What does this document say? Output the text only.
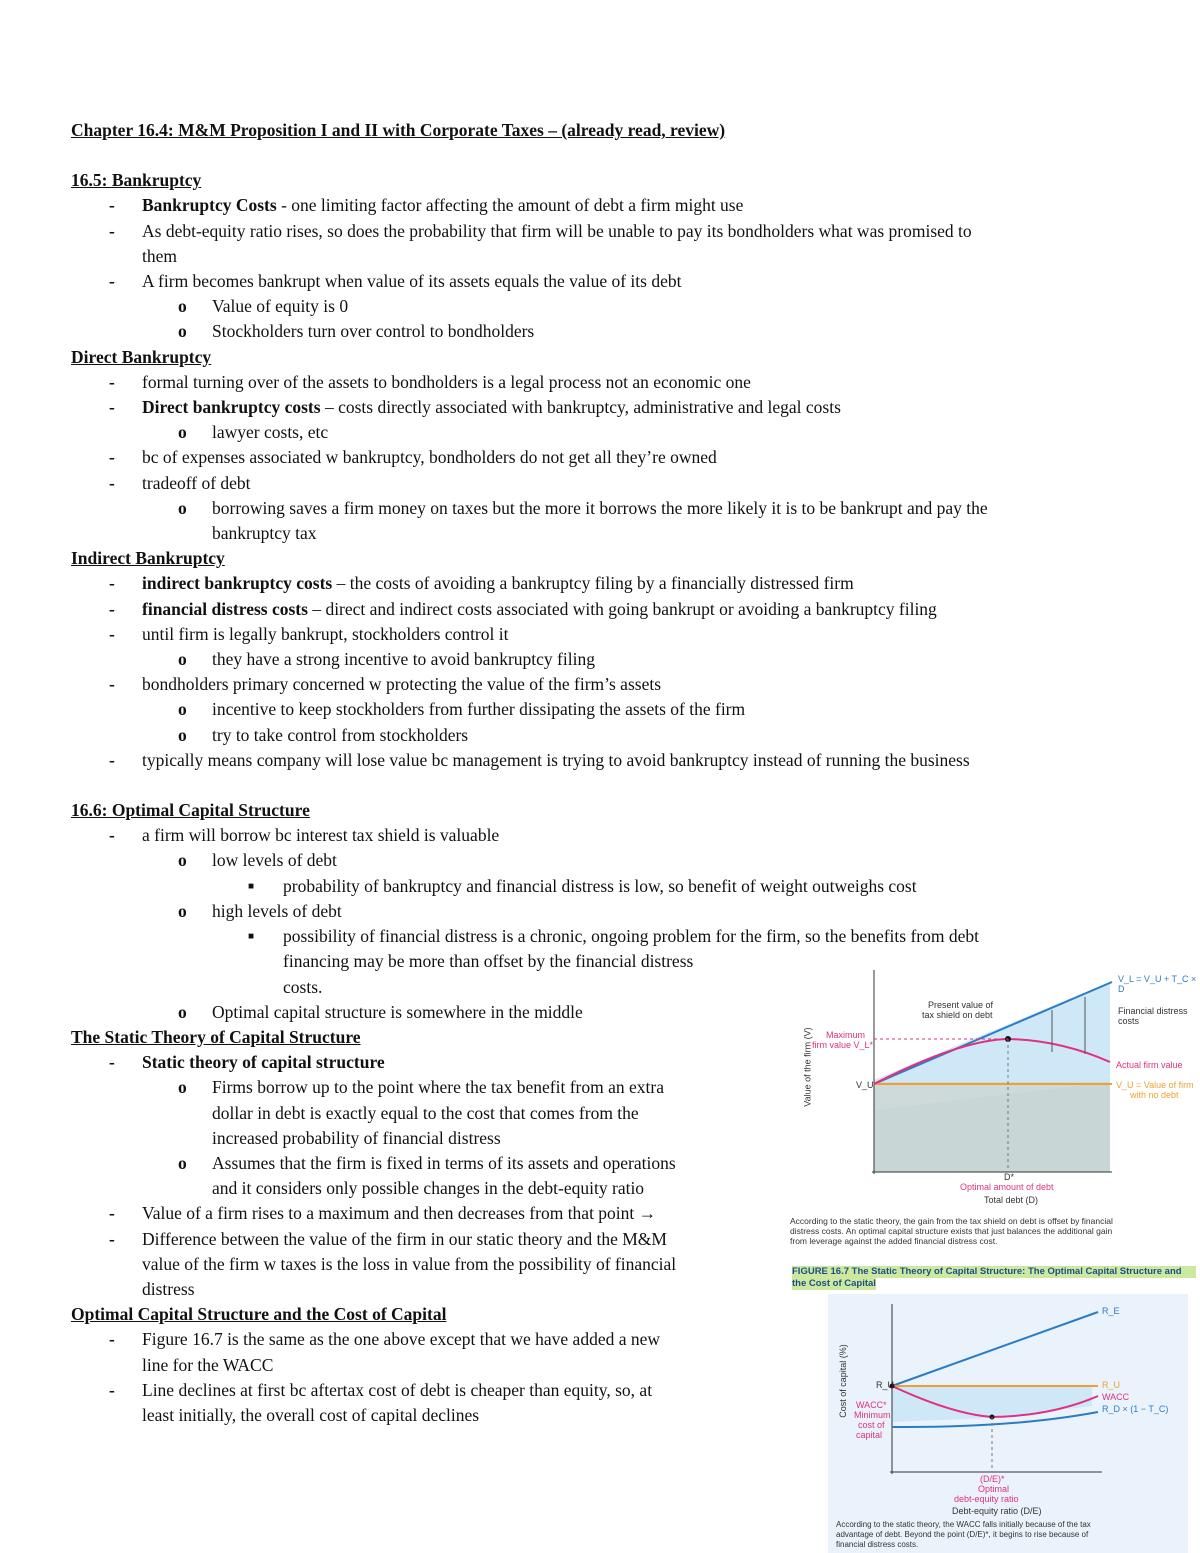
Chapter 16.4: M&M Proposition I and II with Corporate Taxes – (already read, review)
16.5: Bankruptcy
- Bankruptcy Costs - one limiting factor affecting the amount of debt a firm might use
- As debt-equity ratio rises, so does the probability that firm will be unable to pay its bondholders what was promised to
them
- A firm becomes bankrupt when value of its assets equals the value of its debt
o Value of equity is 0
o Stockholders turn over control to bondholders
Direct Bankruptcy
- formal turning over of the assets to bondholders is a legal process not an economic one
- Direct bankruptcy costs – costs directly associated with bankruptcy, administrative and legal costs
o lawyer costs, etc
- bc of expenses associated w bankruptcy, bondholders do not get all they’re owned
- tradeoff of debt
o borrowing saves a firm money on taxes but the more it borrows the more likely it is to be bankrupt and pay the
bankruptcy tax
Indirect Bankruptcy
- indirect bankruptcy costs – the costs of avoiding a bankruptcy filing by a financially distressed firm
- financial distress costs – direct and indirect costs associated with going bankrupt or avoiding a bankruptcy filing
- until firm is legally bankrupt, stockholders control it
o they have a strong incentive to avoid bankruptcy filing
- bondholders primary concerned w protecting the value of the firm’s assets
o incentive to keep stockholders from further dissipating the assets of the firm
o try to take control from stockholders
- typically means company will lose value bc management is trying to avoid bankruptcy instead of running the business
16.6: Optimal Capital Structure
- a firm will borrow bc interest tax shield is valuable
o low levels of debt
■ probability of bankruptcy and financial distress is low, so benefit of weight outweighs cost
o high levels of debt
■ possibility of financial distress is a chronic, ongoing problem for the firm, so the benefits from debt
financing may be more than offset by the financial distress
costs.
o Optimal capital structure is somewhere in the middle
The Static Theory of Capital Structure
- Static theory of capital structure
o Firms borrow up to the point where the tax benefit from an extra
dollar in debt is exactly equal to the cost that comes from the
increased probability of financial distress
o Assumes that the firm is fixed in terms of its assets and operations
and it considers only possible changes in the debt-equity ratio
- Value of a firm rises to a maximum and then decreases from that point →
- Difference between the value of the firm in our static theory and the M&M
value of the firm w taxes is the loss in value from the possibility of financial
distress
Optimal Capital Structure and the Cost of Capital
- Figure 16.7 is the same as the one above except that we have added a new
line for the WACC
- Line declines at first bc aftertax cost of debt is cheaper than equity, so, at
least initially, the overall cost of capital declines
Value of the firm (V)
V_L = V_U + T_C × D
Present value of
tax shield on debt	Financial distress
costs
Maximum
firm value V_L*
V_U
Actual firm value
V_U = Value of firm
with no debt
D*
Optimal amount of debt
Total debt (D)
According to the static theory, the gain from the tax shield on debt is offset by financial
distress costs. An optimal capital structure exists that just balances the additional gain
from leverage against the added financial distress cost.
FIGURE 16.7 The Static Theory of Capital Structure: The Optimal Capital Structure and
the Cost of Capital
Cost of capital (%)
R_E
R_U	R_U
WACC
R_D × (1 − T_C)
WACC*
Minimum
cost of
capital
(D/E)*
Optimal
debt-equity ratio
Debt-equity ratio (D/E)
According to the static theory, the WACC falls initially because of the tax
advantage of debt. Beyond the point (D/E)*, it begins to rise because of
financial distress costs.
